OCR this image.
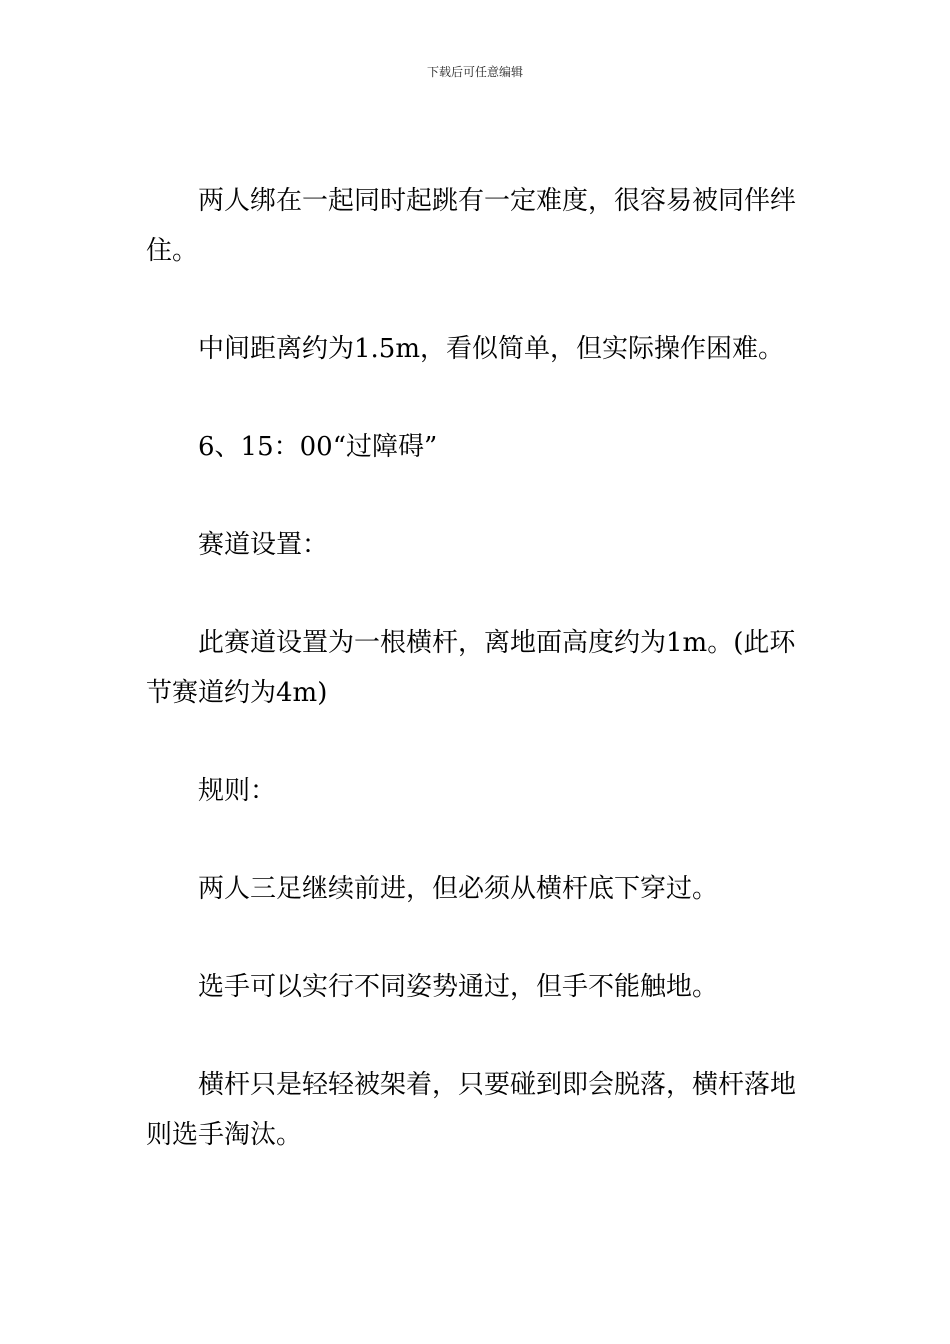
下载后可任意编辑

两人绑在一起同时起跳有一定难度，很容易被同伴绊住。

中间距离约为1.5m，看似简单，但实际操作困难。

6、15：00“过障碍”

赛道设置：

此赛道设置为一根横杆，离地面高度约为1m。(此环节赛道约为4m)

规则：

两人三足继续前进，但必须从横杆底下穿过。

选手可以实行不同姿势通过，但手不能触地。

横杆只是轻轻被架着，只要碰到即会脱落，横杆落地则选手淘汰。
